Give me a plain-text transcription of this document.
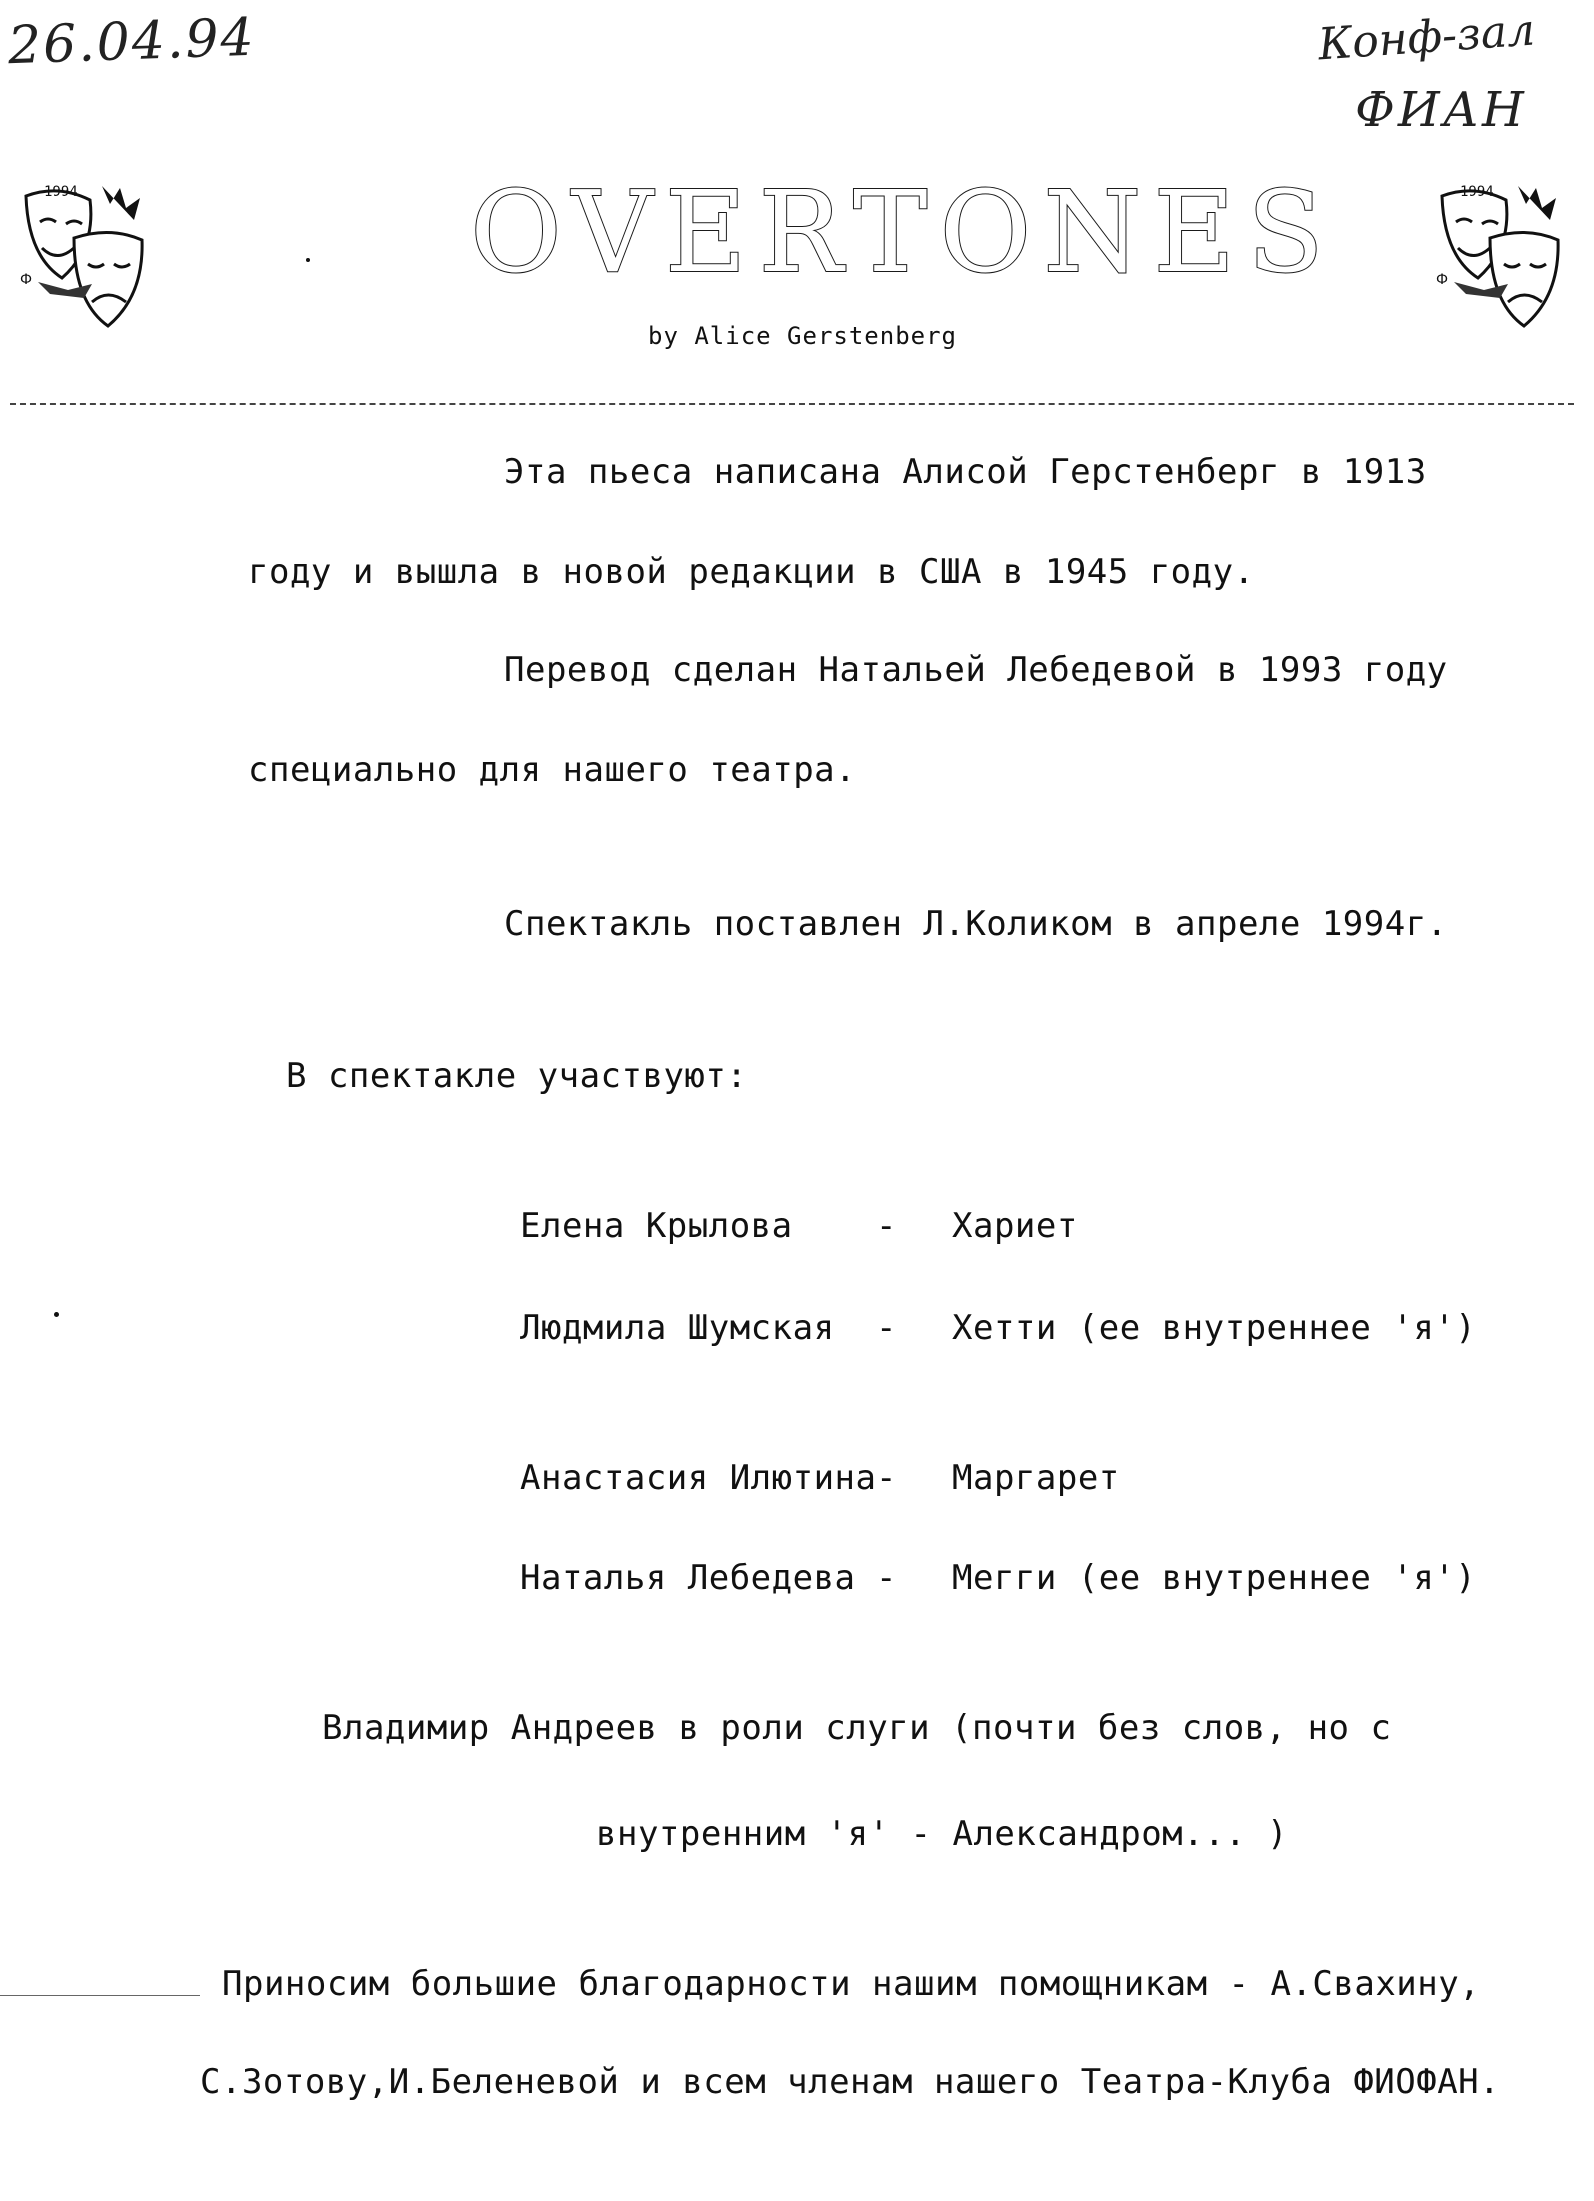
26.04.94	Конф-зал
ФИАН
1994
Ф
1994
Ф
OVERTONES
by Alice Gerstenberg
Эта пьеса написана Алисой Герстенберг в 1913
году и вышла в новой редакции в США в 1945 году.
Перевод сделан Натальей Лебедевой в 1993 году
специально для нашего театра.
Спектакль поставлен Л.Коликом в апреле 1994г.
В спектакле участвуют:
Елена Крылова - Хариет
Людмила Шумская - Хетти (ее внутреннее 'я')
Анастасия Илютина - Маргарет
Наталья Лебедева - Мегги (ее внутреннее 'я')
Владимир Андреев в роли слуги (почти без слов, но с
внутренним 'я' - Александром... )
Приносим большие благодарности нашим помощникам - А.Свахину,
С.Зотову,И.Беленевой и всем членам нашего Театра-Клуба ФИОФАН.
